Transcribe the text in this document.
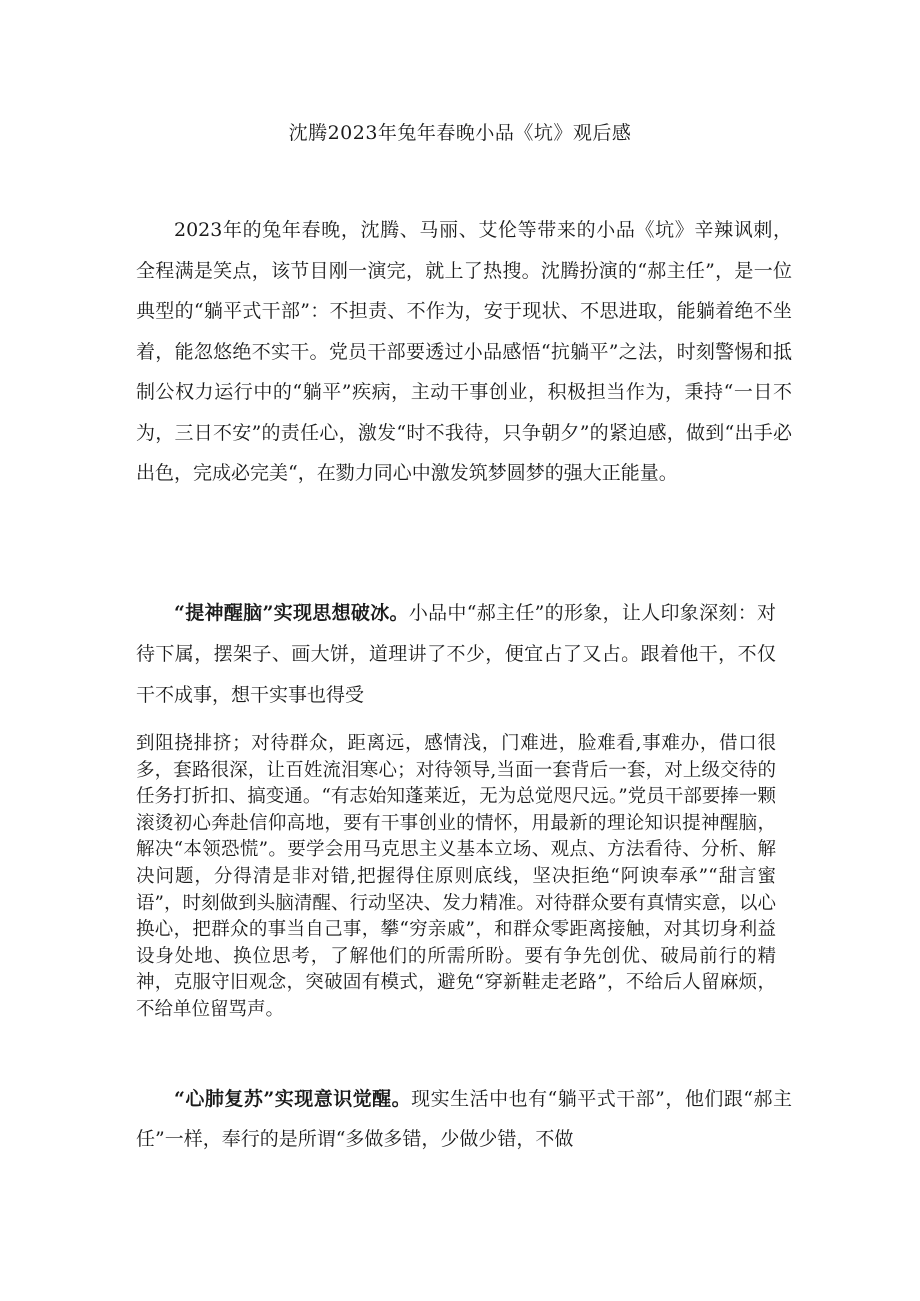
沈腾2023年兔年春晚小品《坑》观后感

2023年的兔年春晚，沈腾、马丽、艾伦等带来的小品《坑》辛辣讽刺，全程满是笑点，该节目刚一演完，就上了热搜。沈腾扮演的“郝主任”，是一位典型的“躺平式干部”：不担责、不作为，安于现状、不思进取，能躺着绝不坐着，能忽悠绝不实干。党员干部要透过小品感悟“抗躺平”之法，时刻警惕和抵制公权力运行中的“躺平”疾病，主动干事创业，积极担当作为，秉持“一日不为，三日不安”的责任心，激发“时不我待，只争朝夕”的紧迫感，做到“出手必出色，完成必完美“，在勠力同心中激发筑梦圆梦的强大正能量。

“提神醒脑”实现思想破冰。小品中“郝主任”的形象，让人印象深刻：对待下属，摆架子、画大饼，道理讲了不少，便宜占了又占。跟着他干，不仅干不成事，想干实事也得受

到阻挠排挤；对待群众，距离远，感情浅，门难进，脸难看,事难办，借口很多，套路很深，让百姓流泪寒心；对待领导,当面一套背后一套，对上级交待的任务打折扣、搞变通。“有志始知蓬莱近，无为总觉咫尺远。”党员干部要捧一颗滚烫初心奔赴信仰高地，要有干事创业的情怀，用最新的理论知识提神醒脑，解决“本领恐慌”。要学会用马克思主义基本立场、观点、方法看待、分析、解决问题，分得清是非对错,把握得住原则底线，坚决拒绝“阿谀奉承”“甜言蜜语”，时刻做到头脑清醒、行动坚决、发力精准。对待群众要有真情实意，以心换心，把群众的事当自己事，攀“穷亲戚”，和群众零距离接触，对其切身利益设身处地、换位思考，了解他们的所需所盼。要有争先创优、破局前行的精神，克服守旧观念，突破固有模式，避免“穿新鞋走老路”，不给后人留麻烦，不给单位留骂声。

“心肺复苏”实现意识觉醒。现实生活中也有“躺平式干部”，他们跟“郝主任”一样，奉行的是所谓“多做多错，少做少错，不做
